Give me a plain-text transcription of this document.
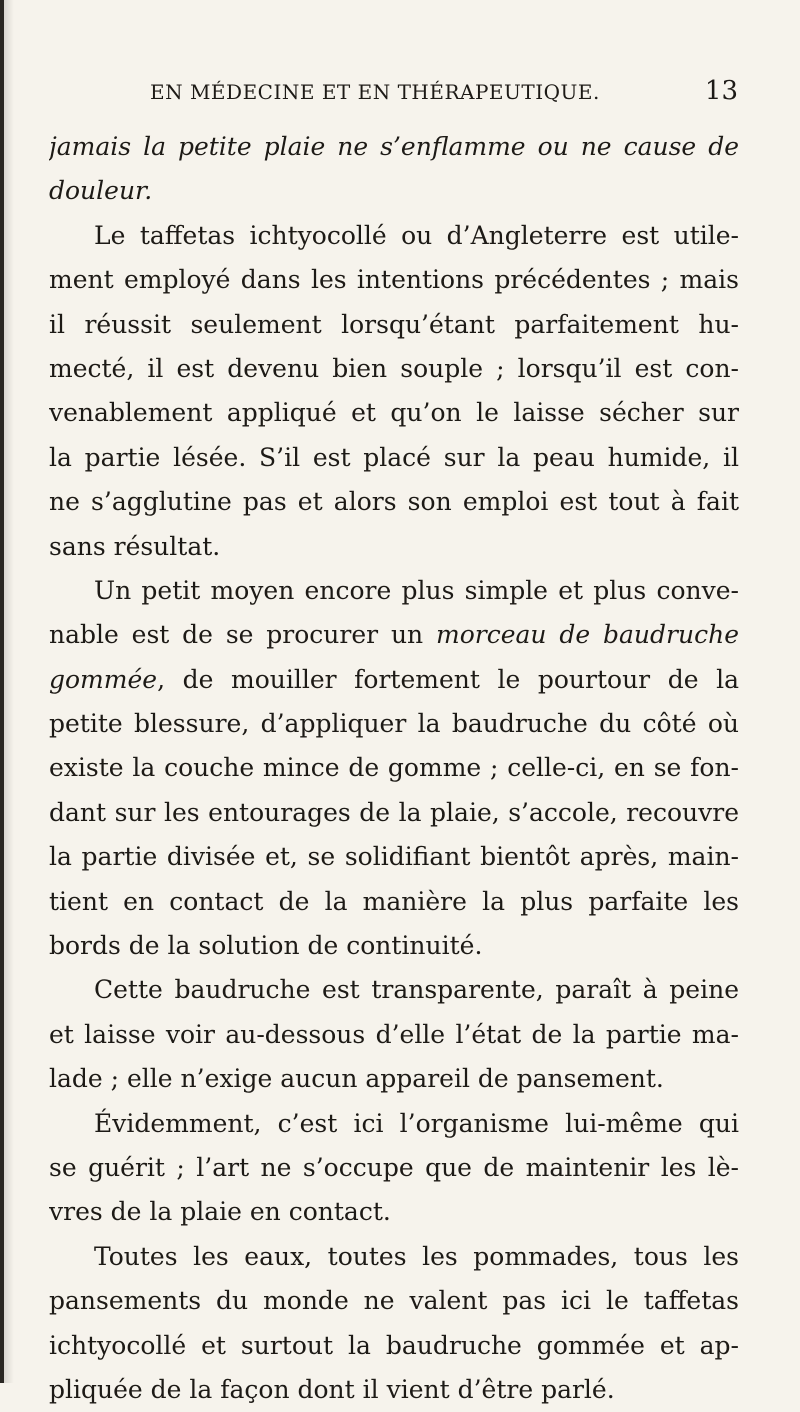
EN MÉDECINE ET EN THÉRAPEUTIQUE.	13
jamais la petite plaie ne s’enflamme ou ne cause de
douleur.
Le taffetas ichtyocollé ou d’Angleterre est utile-
ment employé dans les intentions précédentes ; mais
il réussit seulement lorsqu’étant parfaitement hu-
mecté, il est devenu bien souple ; lorsqu’il est con-
venablement appliqué et qu’on le laisse sécher sur
la partie lésée. S’il est placé sur la peau humide, il
ne s’agglutine pas et alors son emploi est tout à fait
sans résultat.
Un petit moyen encore plus simple et plus conve-
nable est de se procurer un morceau de baudruche
gommée, de mouiller fortement le pourtour de la
petite blessure, d’appliquer la baudruche du côté où
existe la couche mince de gomme ; celle-ci, en se fon-
dant sur les entourages de la plaie, s’accole, recouvre
la partie divisée et, se solidifiant bientôt après, main-
tient en contact de la manière la plus parfaite les
bords de la solution de continuité.
Cette baudruche est transparente, paraît à peine
et laisse voir au-dessous d’elle l’état de la partie ma-
lade ; elle n’exige aucun appareil de pansement.
Évidemment, c’est ici l’organisme lui-même qui
se guérit ; l’art ne s’occupe que de maintenir les lè-
vres de la plaie en contact.
Toutes les eaux, toutes les pommades, tous les
pansements du monde ne valent pas ici le taffetas
ichtyocollé et surtout la baudruche gommée et ap-
pliquée de la façon dont il vient d’être parlé.
